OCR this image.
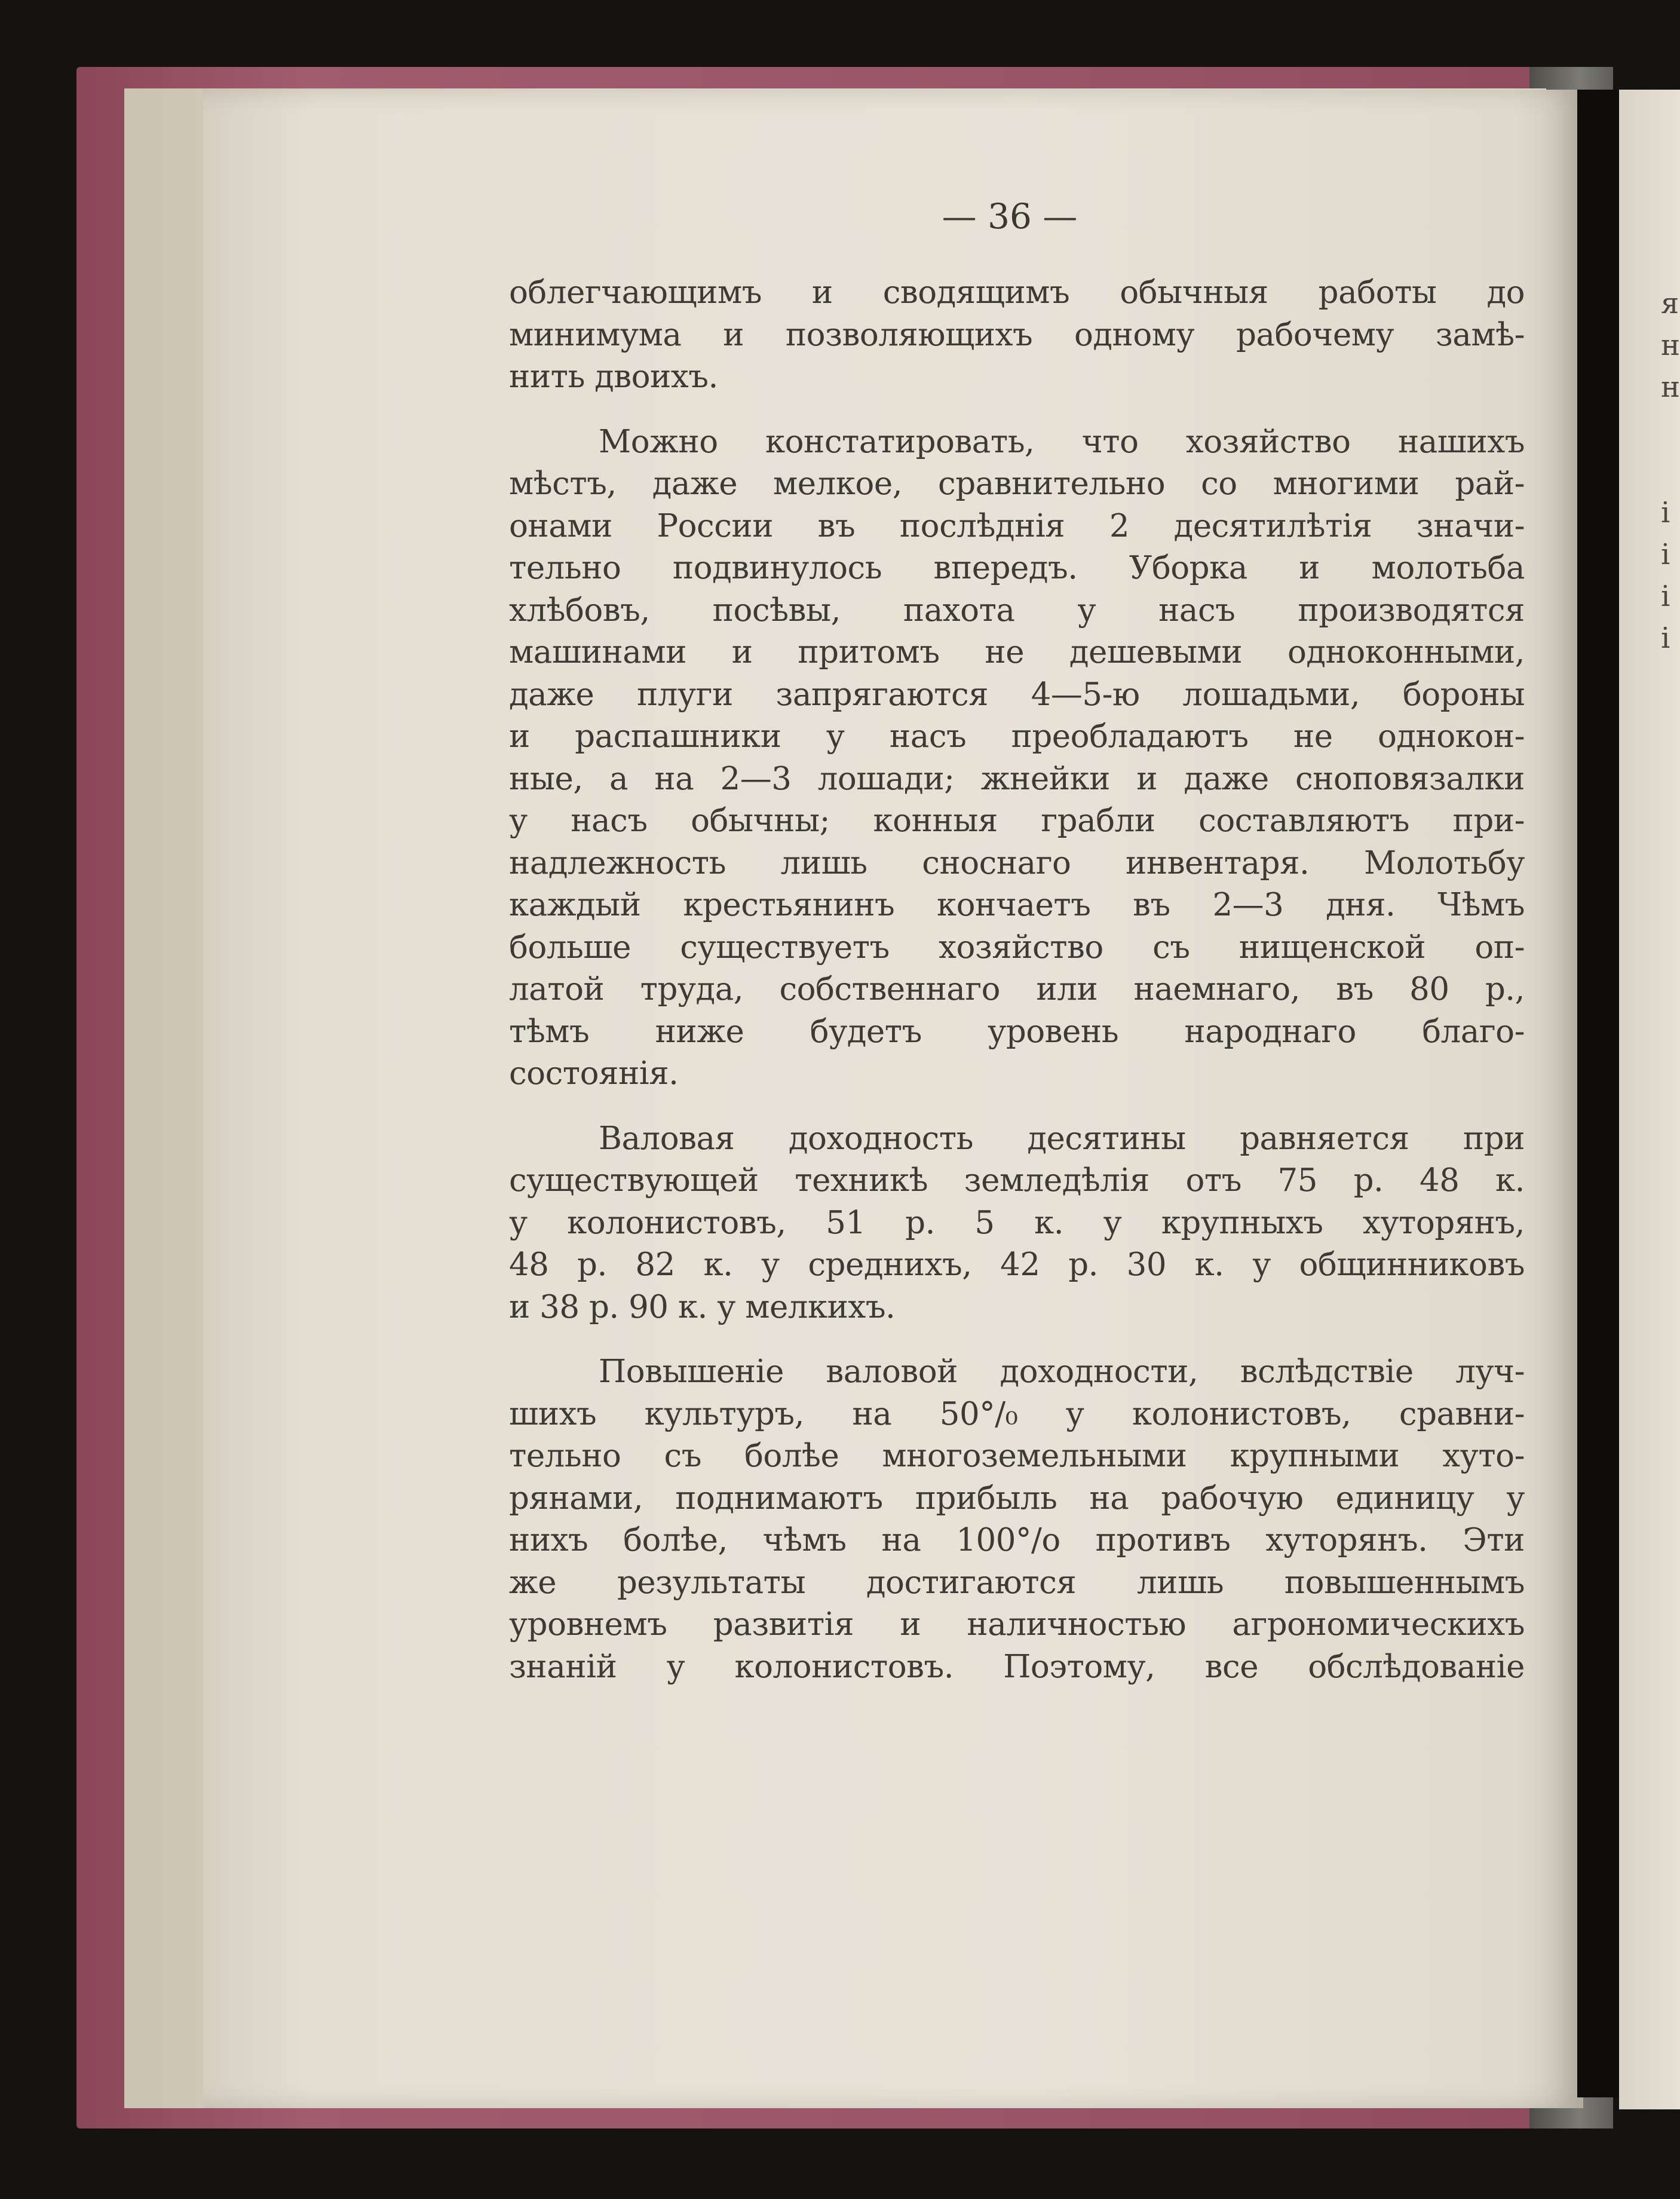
я
н
н
і
і
і
і
— 36 —
облегчающимъ и сводящимъ обычныя работы до
минимума и позволяющихъ одному рабочему замѣ-
нить двоихъ.
Можно констатировать, что хозяйство нашихъ
мѣстъ, даже мелкое, сравнительно со многими рай-
онами России въ послѣднія 2 десятилѣтія значи-
тельно подвинулось впередъ. Уборка и молотьба
хлѣбовъ, посѣвы, пахота у насъ производятся
машинами и притомъ не дешевыми одноконными,
даже плуги запрягаются 4—5-ю лошадьми, бороны
и распашники у насъ преобладаютъ не однокон-
ные, а на 2—3 лошади; жнейки и даже сноповязалки
у насъ обычны; конныя грабли составляютъ при-
надлежность лишь сноснаго инвентаря. Молотьбу
каждый крестьянинъ кончаетъ въ 2—3 дня. Чѣмъ
больше существуетъ хозяйство съ нищенской оп-
латой труда, собственнаго или наемнаго, въ 80 р.,
тѣмъ ниже будетъ уровень народнаго благо-
состоянія.
Валовая доходность десятины равняется при
существующей техникѣ земледѣлія отъ 75 р. 48 к.
у колонистовъ, 51 р. 5 к. у крупныхъ хуторянъ,
48 р. 82 к. у среднихъ, 42 р. 30 к. у общинниковъ
и 38 р. 90 к. у мелкихъ.
Повышеніе валовой доходности, вслѣдствіе луч-
шихъ культуръ, на 50°/₀ у колонистовъ, сравни-
тельно съ болѣе многоземельными крупными хуто-
рянами, поднимаютъ прибыль на рабочую единицу у
нихъ болѣе, чѣмъ на 100°/о противъ хуторянъ. Эти
же результаты достигаются лишь повышеннымъ
уровнемъ развитія и наличностью агрономическихъ
знаній у колонистовъ. Поэтому, все обслѣдованіе
